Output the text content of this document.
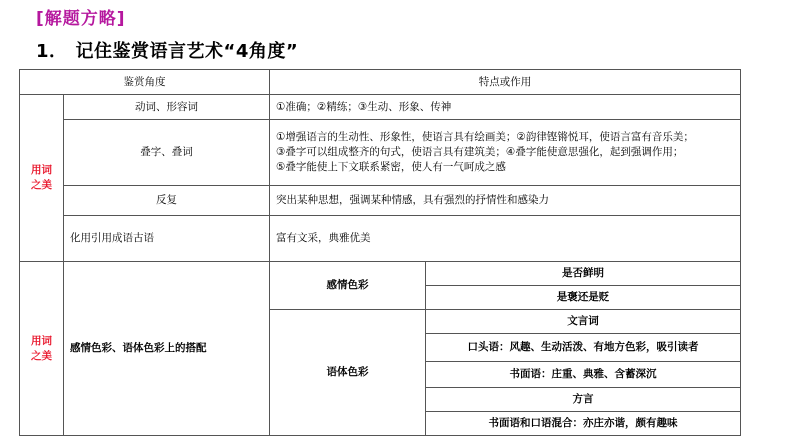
[解题方略]
1． 记住鉴赏语言艺术“4角度”
鉴赏角度		特点或作用	
用词
之美	动词、形容词	①准确；②精练；③生动、形象、传神	
	叠字、叠词	①增强语言的生动性、形象性，使语言具有绘画美；②韵律铿锵悦耳，使语言富有音乐美；
③叠字可以组成整齐的句式，使语言具有建筑美；④叠字能使意思强化，起到强调作用；
⑤叠字能使上下文联系紧密，使人有一气呵成之感	

	反复	突出某种思想，强调某种情感，具有强烈的抒情性和感染力	
	化用引用成语古语	富有文采，典雅优美	
用词
之美	感情色彩、语体色彩上的搭配	感情色彩	是否鲜明
			是褒还是贬
		语体色彩	文言词
			口头语：风趣、生动活泼、有地方色彩，吸引读者
			书面语：庄重、典雅、含蓄深沉
			方言
			书面语和口语混合：亦庄亦谐，颇有趣味
